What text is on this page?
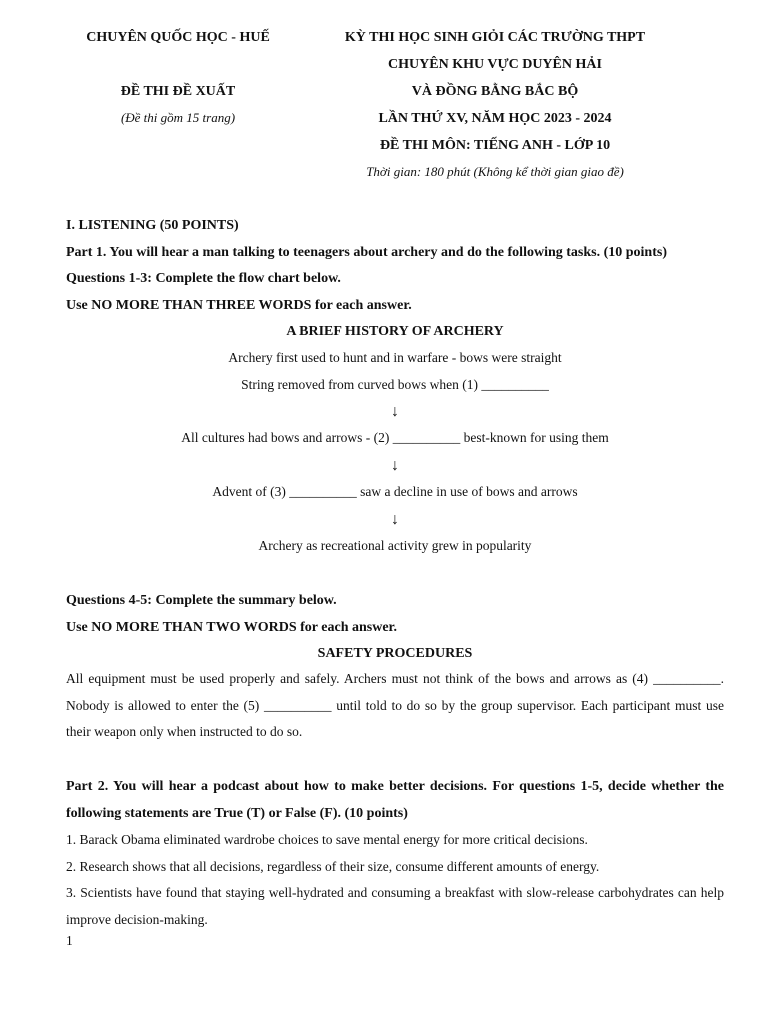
CHUYÊN QUỐC HỌC - HUẾ
ĐỀ THI ĐỀ XUẤT
(Đề thi gồm 15 trang)
KỲ THI HỌC SINH GIỎI CÁC TRƯỜNG THPT
CHUYÊN KHU VỰC DUYÊN HẢI
VÀ ĐỒNG BẰNG BẮC BỘ
LẦN THỨ XV, NĂM HỌC 2023 - 2024
ĐỀ THI MÔN: TIẾNG ANH - LỚP 10
Thời gian: 180 phút (Không kể thời gian giao đề)
I. LISTENING (50 POINTS)
Part 1. You will hear a man talking to teenagers about archery and do the following tasks. (10 points)
Questions 1-3: Complete the flow chart below.
Use NO MORE THAN THREE WORDS for each answer.
A BRIEF HISTORY OF ARCHERY
Archery first used to hunt and in warfare - bows were straight
String removed from curved bows when (1) __________
↓
All cultures had bows and arrows - (2) __________ best-known for using them
↓
Advent of (3) __________ saw a decline in use of bows and arrows
↓
Archery as recreational activity grew in popularity
Questions 4-5: Complete the summary below.
Use NO MORE THAN TWO WORDS for each answer.
SAFETY PROCEDURES
All equipment must be used properly and safely. Archers must not think of the bows and arrows as (4) __________. Nobody is allowed to enter the (5) __________ until told to do so by the group supervisor. Each participant must use their weapon only when instructed to do so.
Part 2. You will hear a podcast about how to make better decisions. For questions 1-5, decide whether the following statements are True (T) or False (F). (10 points)
1. Barack Obama eliminated wardrobe choices to save mental energy for more critical decisions.
2. Research shows that all decisions, regardless of their size, consume different amounts of energy.
3. Scientists have found that staying well-hydrated and consuming a breakfast with slow-release carbohydrates can help improve decision-making.
1
